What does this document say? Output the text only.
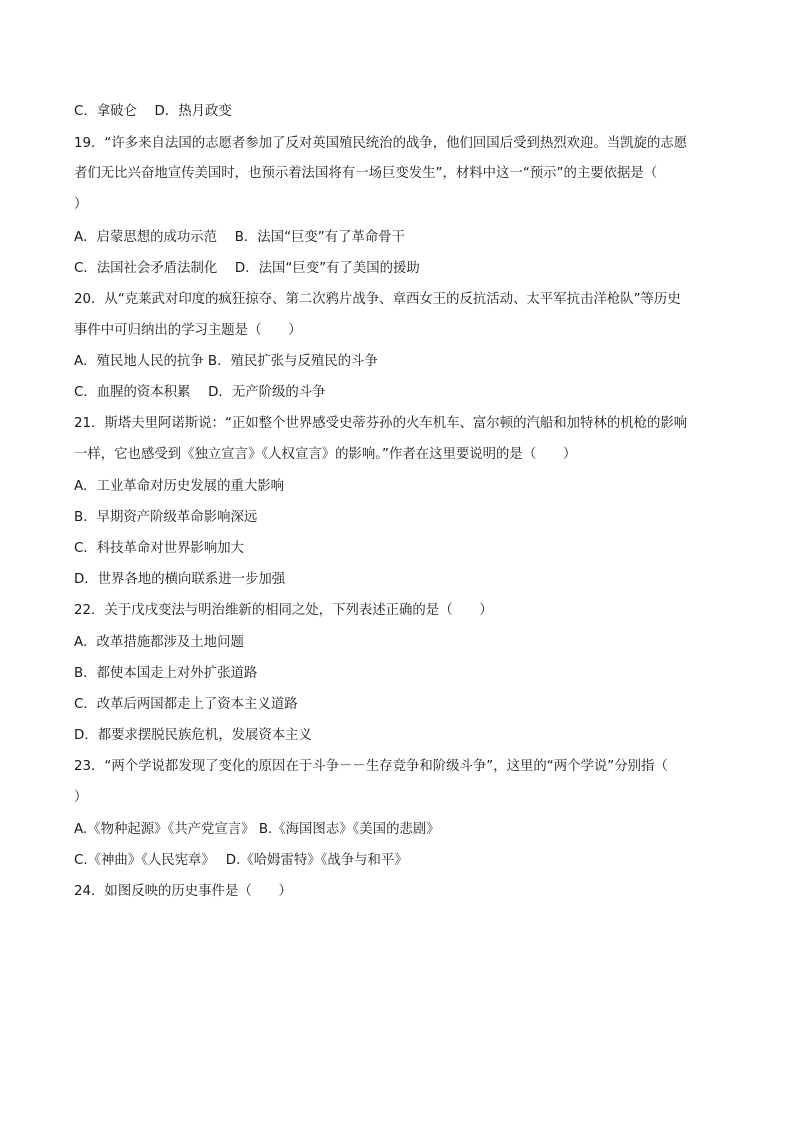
C．拿破仑　 D．热月政变
19．“许多来自法国的志愿者参加了反对英国殖民统治的战争，他们回国后受到热烈欢迎。当凯旋的志愿
者们无比兴奋地宣传美国时，也预示着法国将有一场巨变发生”，材料中这一“预示”的主要依据是（
）
A．启蒙思想的成功示范　 B．法国“巨变”有了革命骨干
C．法国社会矛盾法制化　 D．法国“巨变”有了美国的援助
20．从“克莱武对印度的疯狂掠夺、第二次鸦片战争、章西女王的反抗活动、太平军抗击洋枪队”等历史
事件中可归纳出的学习主题是（　　）
A．殖民地人民的抗争 B．殖民扩张与反殖民的斗争
C．血腥的资本积累　 D．无产阶级的斗争
21．斯塔夫里阿诺斯说：“正如整个世界感受史蒂芬孙的火车机车、富尔顿的汽船和加特林的机枪的影响
一样，它也感受到《独立宣言》《人权宣言》的影响。”作者在这里要说明的是（　　）
A．工业革命对历史发展的重大影响
B．早期资产阶级革命影响深远
C．科技革命对世界影响加大
D．世界各地的横向联系进一步加强
22．关于戊戌变法与明治维新的相同之处，下列表述正确的是（　　）
A．改革措施都涉及土地问题
B．都使本国走上对外扩张道路
C．改革后两国都走上了资本主义道路
D．都要求摆脱民族危机，发展资本主义
23．“两个学说都发现了变化的原因在于斗争－－生存竞争和阶级斗争”，这里的“两个学说”分别指（
）
A.《物种起源》《共产党宣言》 B.《海国图志》《美国的悲剧》
C.《神曲》《人民宪章》　 D.《哈姆雷特》《战争与和平》
24．如图反映的历史事件是（　　）
